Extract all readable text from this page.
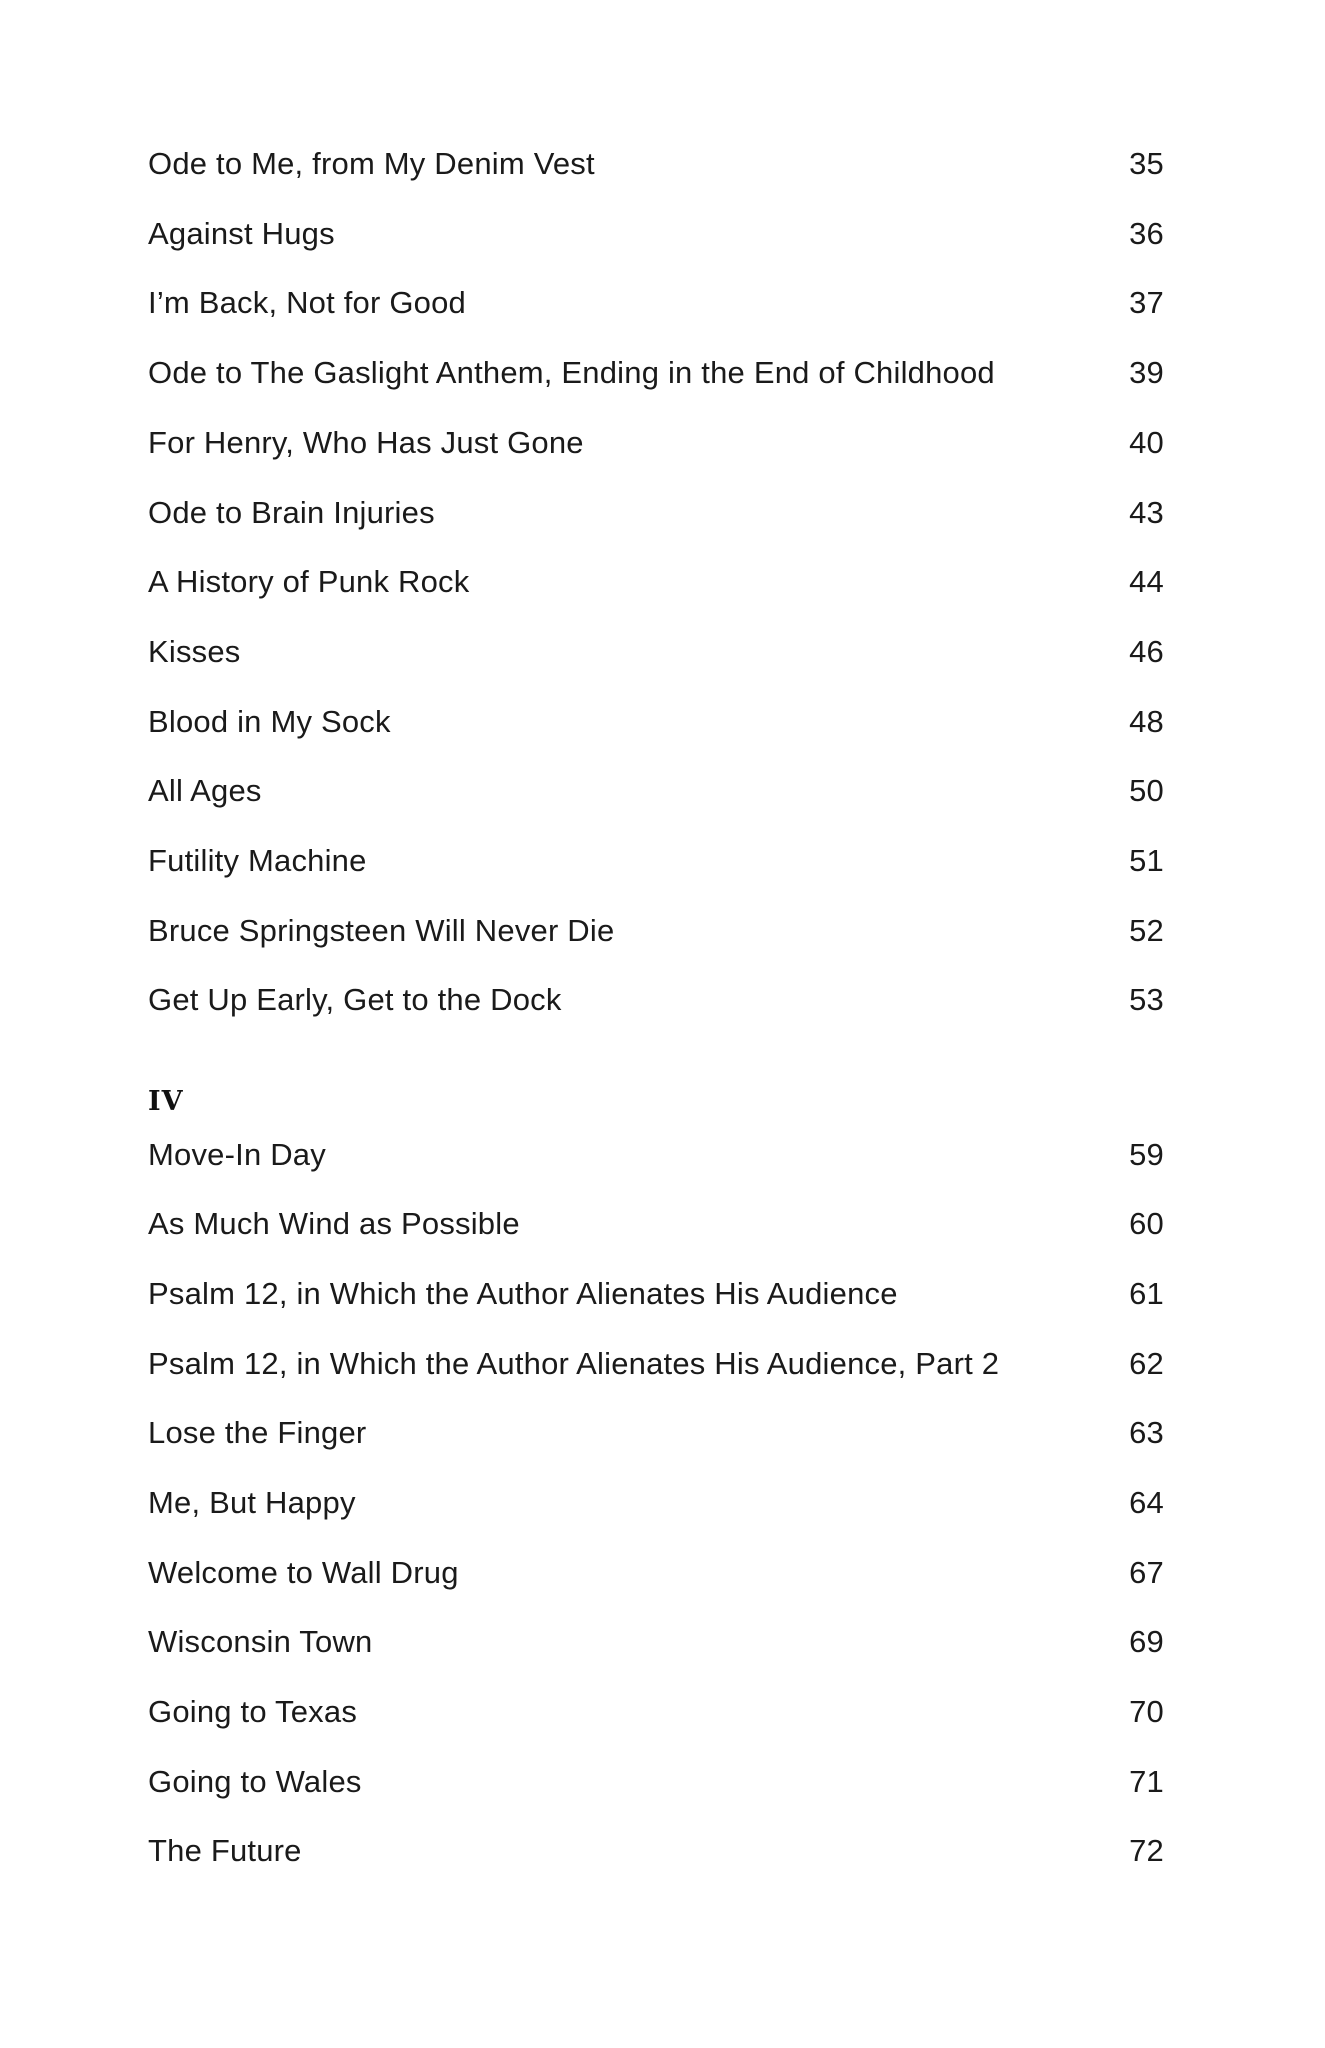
Ode to Me, from My Denim Vest	35
Against Hugs	36
I’m Back, Not for Good	37
Ode to The Gaslight Anthem, Ending in the End of Childhood	39
For Henry, Who Has Just Gone	40
Ode to Brain Injuries	43
A History of Punk Rock	44
Kisses	46
Blood in My Sock	48
All Ages	50
Futility Machine	51
Bruce Springsteen Will Never Die	52
Get Up Early, Get to the Dock	53
IV
Move-In Day	59
As Much Wind as Possible	60
Psalm 12, in Which the Author Alienates His Audience	61
Psalm 12, in Which the Author Alienates His Audience, Part 2	62
Lose the Finger	63
Me, But Happy	64
Welcome to Wall Drug	67
Wisconsin Town	69
Going to Texas	70
Going to Wales	71
The Future	72
